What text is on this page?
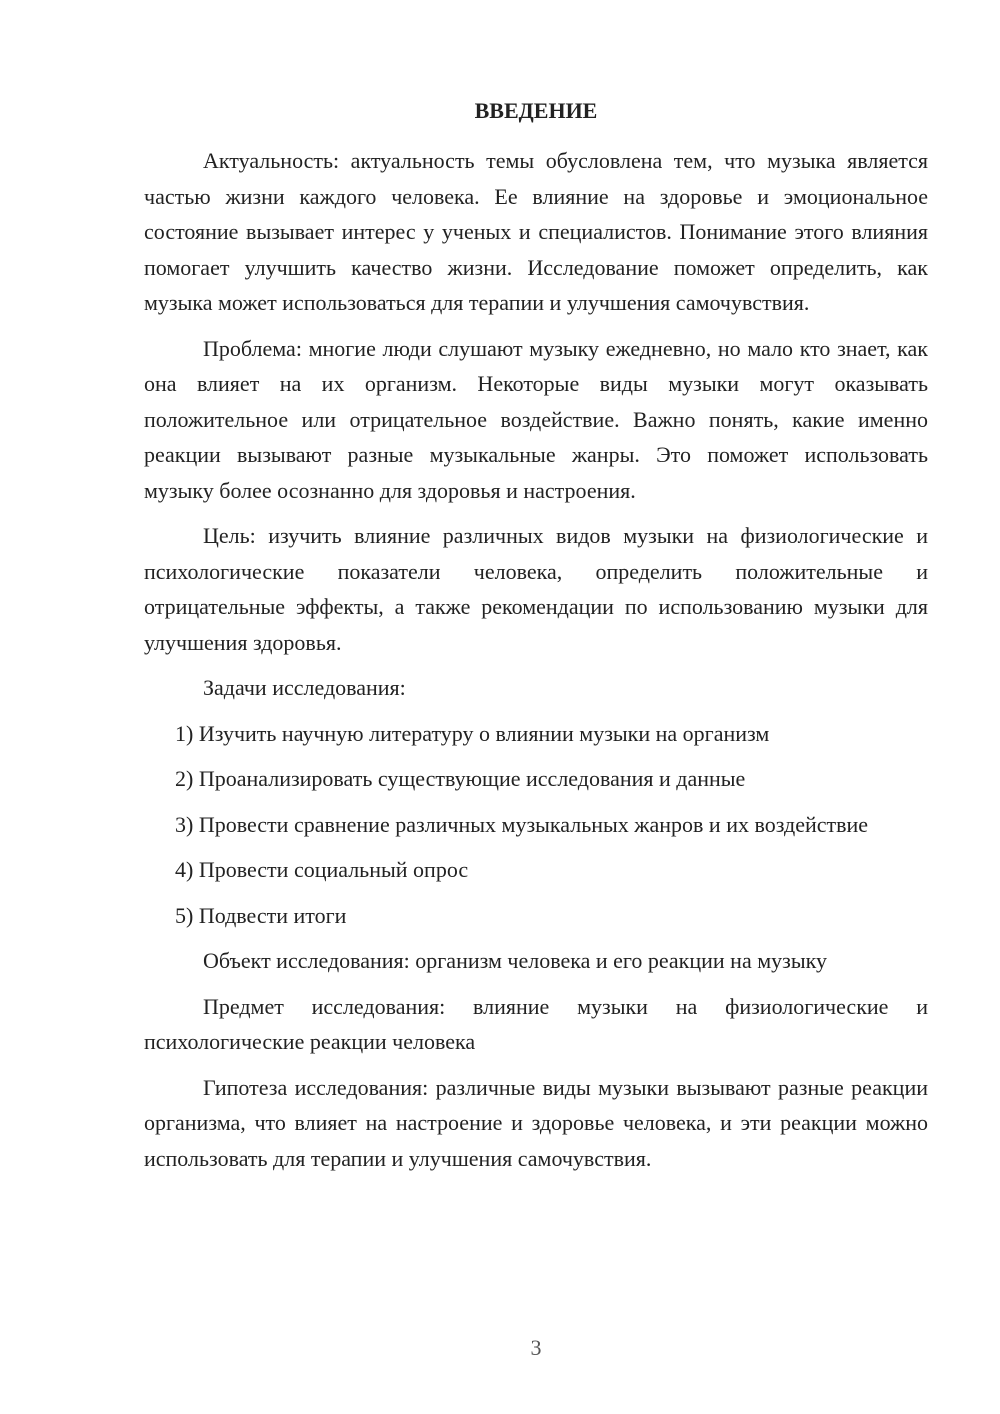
ВВЕДЕНИЕ

Актуальность: актуальность темы обусловлена тем, что музыка является частью жизни каждого человека. Ее влияние на здоровье и эмоциональное состояние вызывает интерес у ученых и специалистов. Понимание этого влияния помогает улучшить качество жизни. Исследование поможет определить, как музыка может использоваться для терапии и улучшения самочувствия.

Проблема: многие люди слушают музыку ежедневно, но мало кто знает, как она влияет на их организм. Некоторые виды музыки могут оказывать положительное или отрицательное воздействие. Важно понять, какие именно реакции вызывают разные музыкальные жанры. Это поможет использовать музыку более осознанно для здоровья и настроения.

Цель: изучить влияние различных видов музыки на физиологические и психологические показатели человека, определить положительные и отрицательные эффекты, а также рекомендации по использованию музыки для улучшения здоровья.

Задачи исследования:

1) Изучить научную литературу о влиянии музыки на организм

2) Проанализировать существующие исследования и данные

3) Провести сравнение различных музыкальных жанров и их воздействие

4) Провести социальный опрос

5) Подвести итоги

Объект исследования: организм человека и его реакции на музыку

Предмет исследования: влияние музыки на физиологические и психологические реакции человека

Гипотеза исследования: различные виды музыки вызывают разные реакции организма, что влияет на настроение и здоровье человека, и эти реакции можно использовать для терапии и улучшения самочувствия.

3
